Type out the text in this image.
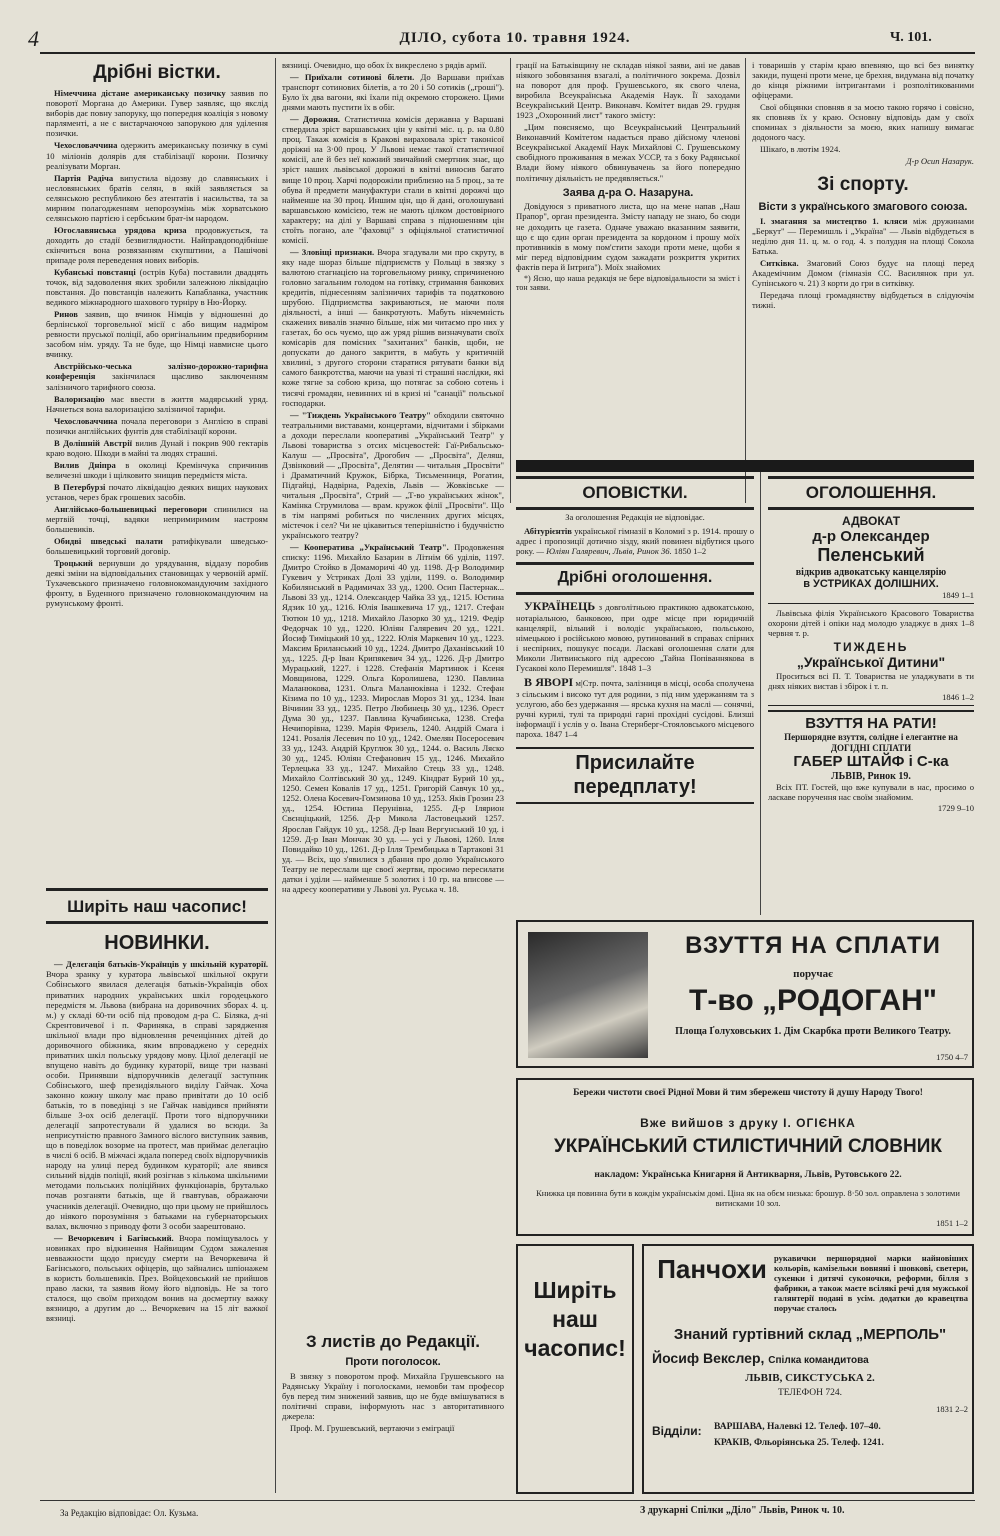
4	ДІЛО, субота 10. травня 1924.	Ч. 101.
Дрібні вістки.

Німеччина дістане американську позичку заявив по поворотї Моргана до Америки. Гувер заявляє, що якслід виборів дає повну запоруку, що попередня коаліція з новому парляменті, а не с вистарчаючою запорукою для уділення позички.

Чехословаччина одержить американську позичку в сумі 10 міліонів долярів для стабілізації корони. Позичку реалізувати Морган.

Партія Радіча випустила відозву до славянських і несловянських братів селян, в якій заявляється за селянською республикою без атентатів і насильства, та за мирним полагодженням непорозумінь між хорватською селянською партією і сербським брат-ім народом.

Югославянська урядова криза продовжується, та доходить до стадії безвиглядности. Найправдоподібніше скінчиться вона розвязанням скупштини, а Пашічові припаде роля переведення нових виборів.

Кубанські повстанці (острів Куба) поставили двадцять точок, від задоволення яких зробили залежною ліквідацію повстання. До повстанців належить Капабланка, участник ведикого міжнародного шахового турніру в Ню-Йорку.

Ринов заявив, що вчинок Німців у відношенні до берлінської торговельної місії с або вищим надміром ревности пруської поліції, або оригінальним предвиборним засобом нім. уряду. Та не буде, що Німці навмисне цього вчинку.

Австрійсько-чеська залізно-дорожно-тарифна конференція закінчилася щасливо заключенням залізничого тарифного союза.

Валоризацію має ввести в життя мадярський уряд. Начнеться вона валоризацією залізничої тарифи.

Чехословаччина почала переговори з Англією в справі позички англійських фунтів для стабілізації корони.

В Долішній Австрії вилив Дунай і покрив 900 гектарів краю водою. Шкоди в майні та людях страшні.

Вилив Дніпра в околиці Кремінчука спричинив величезні шкоди і щілковито знищив передмістя міста.

В Петербурзі почато ліквідацію деяких вищих наукових установ, через брак грошевих засобів.

Англійсько-большевицькі переговори спинилися на мертвій точці, вадяки непримиримим настроям большевиків.

Обидві шведські палати ратифікували шведсько-большевицький торговий договір.

Троцький вернувши до урядування, віддазу поробив деякі зміни на відповідальних становищах у червоній армії. Тухачевського призначено головнокомандуючим західного фронту, в Буденного призначено головнокомандуючим на румунському фронті.

Ширіть наш часопис!
НОВИНКИ.

— Делєгація батьків-Українців у шкільній кураторії. Вчора зранку у куратора львівської шкільної округи Собінського явилася делегація батьків-Українців обох приватних народних українських шкіл городецького передмістя м. Львова (вибрана на доривочних зборах 4. ц. м.) у складі 60-ти осіб під проводом д-ра С. Біляка, д-ні Скрентовичевої і п. Фариняка, в справі зарядження шкільної влади про відновлення реченцінних дітей до доривочного обіжника, яким впроваджено у середніх приватних шкіл польську урядову мову. Цілої делегації не впущено навіть до будинку кураторії, вище три названі особи. Принявши відпоручників делегації заступник Собінського, шеф президіяльного виділу Гайчак. Хоча законно кожну школу має право привітати до 10 осіб батьків, то в поведінці з не Гайчак навідився прийняти більше 3-ох осіб делегації. Проти того відпоручники делегації запротестували й удалися во всюди. За неприсутністю правного Замного віслого виступник заявив, що в поведілок возорме на протест, мав приймає делегацію в числі 6 осіб. В міжчасі ждала поперед своїх відпоручників народу на улиці перед будинком кураторії; але явився сильний віддів поліції, який розігнав з кількома шкільними методами польських поліційних функціонарів, бруталько почав розганяти батьків, ще й гвавтував, ображаючи учасників делегації. Очевидно, що при цьому не прийшлось до ніякого порозуміння з батьками на губернаторських валах, включно з приводу фоти 3 особи заарештовано.

— Вечоркевич і Багінський. Вчора поміщувалось у новинках про відкинення Найвищим Судом зажалення невважности щодо присуду смерти на Вечоркевича й Багінського, польських офіцерів, що зайнались шпіонажем в користь большевиків. През. Войцеховський не прийшов право ласки, та заявив йому його відповідь. Не за того сталося, що своїм приходом вонив на досмертну важку вязницю, а другим до ... Вечоркевич на 15 літ важкої вязниці.

вязниці. Очевидно, що обох їх викреслено з рядів армії.

— Приїхали сотинові білети. До Варшави приїхав транспорт сотинових білетів, а то 20 і 50 сотиків („гроші"). Було їх два вагони, які їхали під окремою сторожею. Цими днями мають пустити їх в обіг.

— Дорожня. Статистична комісія державна у Варшаві ствердила зріст варшавських цін у квітні міс. ц. р. на 0.80 проц. Такаж комісія в Кракові вираховала зріст таконісої доріжні на 3·00 проц. У Львові немає такої статистичної комісії, але й без неї кожний звичайний смертник знає, що зріст наших львівської дорожні в квітні виносив багато вище 10 проц. Харчі подорожіли приблизно на 5 проц., за те обува й предмети мануфактури стали в квітні дорожчі що найменше на 30 проц. Иншим цін, що й дані, оголошувані варшавською комісією, теж не мають цілком достовірного характеру; на ділі у Варшаві справа з підношенням цін стоїть погано, але "фаховці" з офіціяльної статистичної комісії.

— Зловіщі признаки. Вчора згадували ми про скруту, в яку наде шораз більше підприємств у Польщі в звязку з валютою стагнацією на торговельному ринку, спричиненою головно загальним голодом на готівку, стримання банкових кредитів, піднесенням залізничих тарифів та податковою шрубою. Підприємства закриваються, не маючи поля діяльності, а інші — банкротують. Мабуть нікчемність скажених вивалів значно більше, ніж ми читаємо про них у газетах, бо ось чуємо, що аж уряд рішив визначувати своїх комісарів для помісних "захитаних" банків, щоби, не допускати до даного закриття, в мабуть у критичній хвилині, з другого сторони старатися рятувати банки від самого банкротства, маючи на увазі ті страшні наслідки, які коже тягне за собою криза, що потягає за собою сотень і тисячі громадян, невинних ні в кризі ні "санації" польської господарки.

— "Тиждень Українського Театру" обходили святочно театральними виставами, концертами, відчитами і збірками а доходи переслали кооперативі „Український Театр" у Львові товариства з отсих місцевостей: Гаї-Рибальсько-Калуш — „Просвіта", Дрогобич — „Просвіта", Деляш, Дзвінковий — „Просвіта", Делятин — читальня „Просвіти" і Драматичний Кружок, Бібрка, Тисьменниця, Рогатин, Підгайці, Надвірна, Радехів, Львів — Жовківське — читальня „Просвіта", Стрий — „Т-во українських жінок", Камінка Струмилова — врам. кружок філії „Просвіти". Що в тім напрямі робиться по численних других місцях, містечок і сел? Чи не цікавиться теперішністю і будучністю українського театру?

— Кооператива „Український Театр". Продовження списку: 1196. Михайло Базарин в Літнім 66 уділів, 1197. Дмитро Стойко в Домаморичі 40 уд. 1198. Д-р Володимир Гукевич у Устриках Долі 33 уділи, 1199. о. Володимир Кобилянський в Радимичах 33 уд., 1200. Осип Пастернак... Львові 33 уд., 1214. Олександер Чайка 33 уд., 1215. Юстина Ядзик 10 уд., 1216. Юлія Івашкевича 17 уд., 1217. Стефан Тютюн 10 уд., 1218. Михайло Лазорко 30 уд., 1219. Федір Федорчак 10 уд., 1220. Юліян Галяревич 20 уд., 1221. Йосиф Тиміцький 10 уд., 1222. Юлія Маркевич 10 уд., 1223. Максим Бриланський 10 уд., 1224. Дмитро Даханівський 10 уд., 1225. Д-р Іван Крипякевич 34 уд., 1226. Д-р Дмитро Мурацький, 1227. і 1228. Стефанія Мартинюк і Ксеня Мовщинова, 1229. Ольга Королишева, 1230. Павлина Маланюкова, 1231. Ольга Маланюківна і 1232. Стефан Кізима по 10 уд., 1233. Мирослав Мороз 31 уд., 1234. Іван Вічинин 33 уд., 1235. Петро Любинець 30 уд., 1236. Орест Дума 30 уд., 1237. Павлина Кучабинська, 1238. Стефа Нечипорівна, 1239. Марія Фризель, 1240. Андрій Смага і 1241. Розалія Лесевич по 10 уд., 1242. Омелян Посеросевич 33 уд., 1243. Андрій Круглюк 30 уд., 1244. о. Василь Ляско 30 уд., 1245. Юліян Стефанович 15 уд., 1246. Михайло Терлецька 33 уд., 1247. Михайло Стець 33 уд., 1248. Михайло Солтівський 30 уд., 1249. Кіндрат Бурий 10 уд., 1250. Семен Ковалів 17 уд., 1251. Григорій Савчук 10 уд., 1252. Олена Косевич-Гомзинова 10 уд., 1253. Яків Грозин 23 уд., 1254. Юстина Перунівна, 1255. Д-р Ілярион Свєнціцький, 1256. Д-р Микола Ластовецький 1257. Ярослав Гайдук 10 уд., 1258. Д-р Іван Вергунський 10 уд. і 1259. Д-р Іван Мончак 30 уд. — усі у Львові, 1260. Ілля Повидайко 10 уд., 1261. Д-р Ілля Трембицька в Тартакові 31 уд. — Всіх, що з'явилися з дбання про долю Українського Театру не переслали ще своєї жертви, просимо пересилати датки і уділи — найменше 5 золотих і 10 гр. на вписове — на адресу кооперативи у Львові ул. Руська ч. 18.

З листів до Редакції.
Проти поголосок.

В звязку з поворотом проф. Михайла Грушевського на Радянську Україну і поголосками, немовби там професор був перед тим знижений заявив, що не буде вмішуватися в політичні справи, інформують нас з авторитативного джерела:

Проф. М. Грушевський, вертаючи з еміграції

грації на Батьківщину не складав ніякої заяви, ані не давав ніякого зобовязання взагалі, а політичного зокрема. Дозвіл на поворот для проф. Грушевського, як свого члена, виробила Всеукраїнська Академія Наук. Її заходами Всеукраїнський Центр. Виконавч. Комітет видав 29. грудня 1923 „Охоронний лист" такого змісту:

„Цим поясняємо, що Всеукраїнський Центральний Виконавчий Комітетом надається право дійсному членові Всеукраїнської Академії Наук Михайлові С. Грушевському свобідного проживання в межах УССР, та з боку Радянської Влади йому ніякого обвинувачень за його попередню політичну діяльність не предявляється."

Заява д-ра О. Назаруна.

Довідуюся з приватного листа, що на мене напав „Наш Прапор", орган президента. Змісту нападу не знаю, бо сюди не доходить це газета. Одначе уважаю вказанним заявити, що є що єдин орган президента за кордоном і прошу моїх противників в мому пом'стити заходи проти мене, щоби я міг перед відповідним судом зажадати розкриття укритих фактів пера й Інтриґа"). Моїх знайомих

*) Ясно, що наша редакція не бере відповідальности за зміст і тон заяви.

і товаришів у старім краю впевняю, що всі без винятку закиди, пущені проти мене, це брехня, видумана від початку до кінця ріжними інтригантами і розполітикованими офіцерами.

Свої обіцянки сповняв я за моєю такою горячо і совісно, як сповняв їх у краю. Основну відповідь дам у своїх споминах з діяльности за моєю, яких напишу вимагає додоного часу.

Шікаґо, в лютім 1924.

Д-р Осип Назарук.

Зі спорту.
Вісти з українського змагового союза.

І. змагання за мистецтво 1. кляси між дружинами „Беркут" — Перемишль і „Україна" — Львів відбудеться в неділю дня 11. ц. м. о год. 4. з полудня на площі Сокола Батька.

Ситківка. Змаговий Союз будує на площі перед Академічним Домом (гімназія СС. Василянок при ул. Супінського ч. 21) 3 корти до гри в ситківку.

Передача площі громадянству відбудеться в слідуючім тижні.

ОПОВІСТКИ.
За оголошення Редакція не відповідає.

Абітурієнтів української гімназії в Коломиї з р. 1914. прошу о адрес і пропозиції дотично зізду, який повинен відбутися цього року. — Юліян Галяревич, Львів, Ринок 36. 1850 1–2

Дрібні оголошення.

УКРАЇНЕЦЬ з довголітньою практикою адвокатською, нотаріальною, банковою, при одре місце при юридичній канцелярії, вільний і володіє українською, польською, німецькою і російською мовою, рутинований в справах спірних і неспірних, пошукує посади. Ласкаві оголошення слати для Миколи Литвинського під адресою „Тайна Попіваннякова в Гусакові коло Перемишля". 1848 1–3

В ЯВОРІ м|Стр. почта, залізниця в місці, особа сполучена з сільським і високо тут для родини, з під ним удержанням та з услугою, або без удержання — ярська кухня на маслі — сонячні, ручні курилі, тулі та природні гарні прохідні сусідові. Близші інформації і услів у о. Івана Стернберг-Стояловського місцевого пароха. 1847 1–4

Присилайте передплату!
ОГОЛОШЕННЯ.
АДВОКАТ
д-р Олександер Пеленський
відкрив адвокатську канцелярію
в УСТРИКАХ ДОЛІШНИХ.
1849 1–1

Львівська філія Українського Красового Товариства охорони дітей і опіки над молодю уладжує в днях 1–8 червня т. р.

ТИЖДЕНЬ
„Української Дитини"

Проситься всі П. Т. Товариства не уладжувати в ти днях ніяких вистав і збірок і т. п.

1846 1–2
ВЗУТТЯ НА РАТИ!
Першорядне взуття, солідне і елегантне на ДОГІДНІ СПЛАТИ
ГАБЕР ШТАЙФ і С-ка
ЛЬВІВ, Ринок 19.

Всіх ПТ. Гостей, що вже купували в нас, просимо о ласкаве поручення нас своїм знайомим.

1729 9–10
ВЗУТТЯ НА СПЛАТИ
поручає
Т-во „РОДОГАН"
Площа Ґолуховських 1. Дім Скарбка проти Великого Театру.
1750 4–7
Бережи чистоти своєї Рідної Мови й тим збережеш чистоту й душу Народу Твого!
Вже вийшов з друку І. ОГІЄНКА
УКРАЇНСЬКИЙ СТИЛІСТИЧНИЙ СЛОВНИК
накладом: Українська Книгарня й Антикварня, Львів, Рутовського 22.
Книжка ця повинна бути в кождім українськім домі. Ціна як на обєм низька: брошур. 8·50 зол. оправлена з золотими витисками 10 зол.
1851 1–2
Ширіть наш часопис!
Панчохи рукавички першорядної марки найновіших кольорів, камізельки вовняні і шовкові, светери, сукенки і дитячі суконочки, реформи, білля з фабрики, а також маєте всілякі речі для мужської галянтерії подані в усім. додатки до кравецтва поручає сталось
Знаний гуртівний склад „МЕРПОЛЬ"
Йосиф Векслер, Спілка командитова
ЛЬВІВ, СИКСТУСЬКА 2.
ТЕЛЕФОН 724.
1831 2–2
Відділи:	ВАРШАВА, Налевкі 12. Телеф. 107–40.
КРАКІВ, Фльоріянська 25. Телеф. 1241.
За Редакцію відповідає: Ол. Кузьма.	З друкарні Спілки „Діло" Львів, Ринок ч. 10.
